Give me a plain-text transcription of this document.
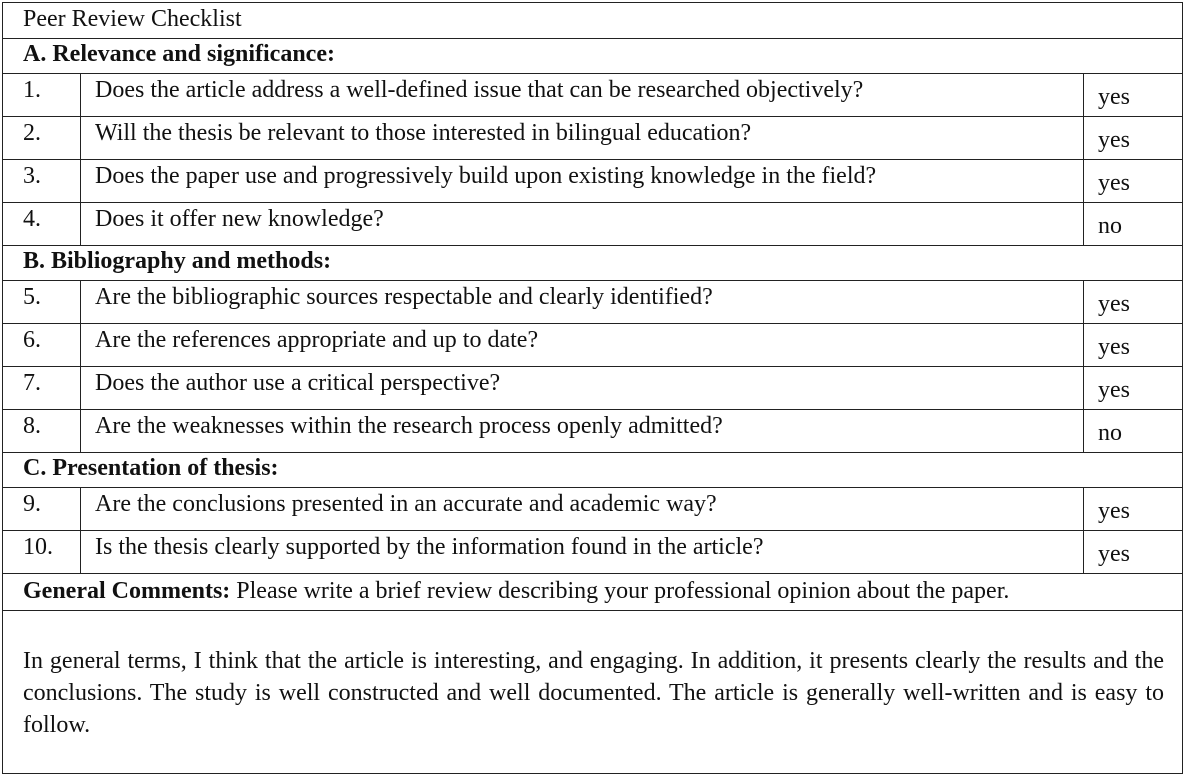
Peer Review Checklist		
A. Relevance and significance:		
1.	Does the article address a well-defined issue that can be researched objectively?	yes
2.	Will the thesis be relevant to those interested in bilingual education?	yes
3.	Does the paper use and progressively build upon existing knowledge in the field?	yes
4.	Does it offer new knowledge?	no
B. Bibliography and methods:		
5.	Are the bibliographic sources respectable and clearly identified?	yes
6.	Are the references appropriate and up to date?	yes
7.	Does the author use a critical perspective?	yes
8.	Are the weaknesses within the research process openly admitted?	no
C. Presentation of thesis:		
9.	Are the conclusions presented in an accurate and academic way?	yes
10.	Is the thesis clearly supported by the information found in the article?	yes
General Comments: Please write a brief review describing your professional opinion about the paper.		
In general terms, I think that the article is interesting, and engaging. In addition, it presents clearly the results and the conclusions. The study is well constructed and well documented. The article is generally well-written and is easy to follow.		
